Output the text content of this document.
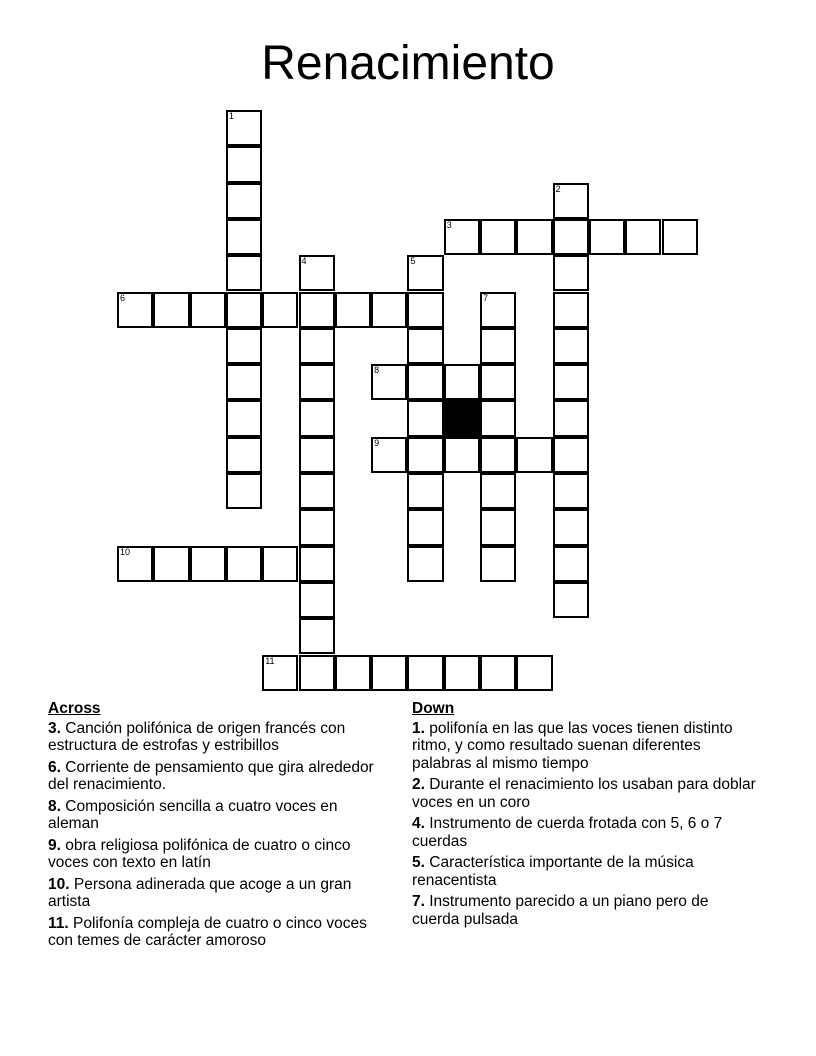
Renacimiento
1
2
3
4	5
6	7
8
9
10
11
Across
3. Canción polifónica de origen francés con estructura de estrofas y estribillos
6. Corriente de pensamiento que gira alrededor del renacimiento.
8. Composición sencilla a cuatro voces en aleman
9. obra religiosa polifónica de cuatro o cinco voces con texto en latín
10. Persona adinerada que acoge a un gran artista
11. Polifonía compleja de cuatro o cinco voces con temes de carácter amoroso
Down
1. polifonía en las que las voces tienen distinto ritmo, y como resultado suenan diferentes palabras al mismo tiempo
2. Durante el renacimiento los usaban para doblar voces en un coro
4. Instrumento de cuerda frotada con 5, 6 o 7 cuerdas
5. Característica importante de la música renacentista
7. Instrumento parecido a un piano pero de cuerda pulsada
